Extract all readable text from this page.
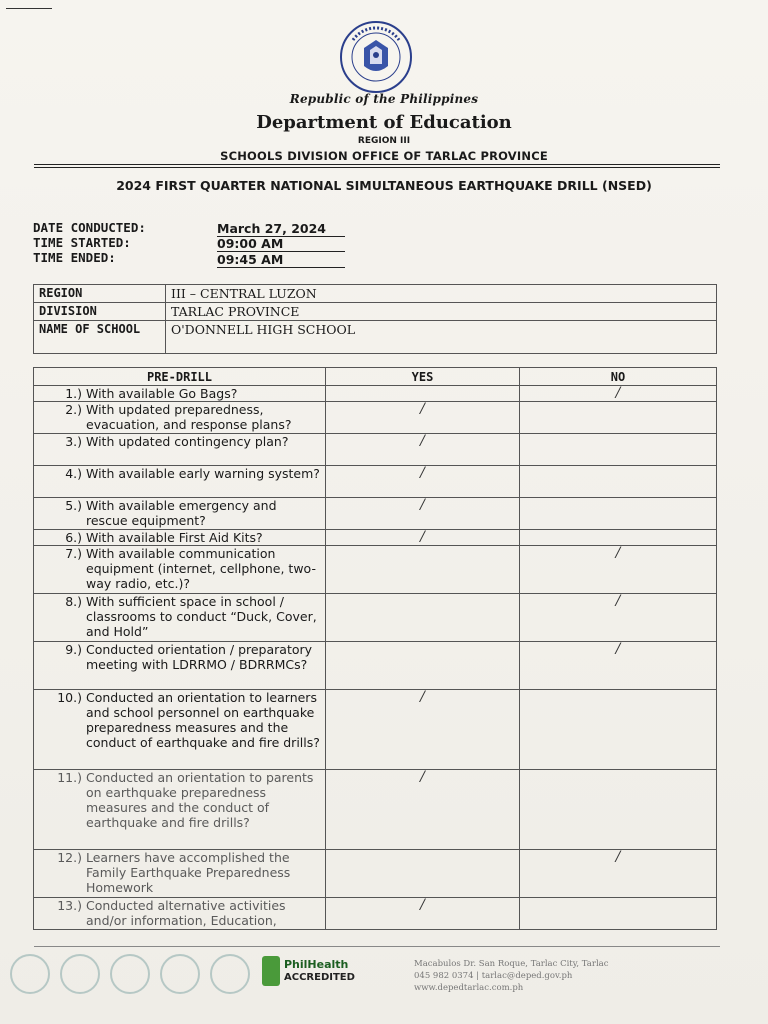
Republic of the Philippines
Department of Education
REGION III
SCHOOLS DIVISION OFFICE OF TARLAC PROVINCE
2024 FIRST QUARTER NATIONAL SIMULTANEOUS EARTHQUAKE DRILL (NSED)
DATE CONDUCTED:	March 27, 2024
TIME STARTED:	09:00 AM
TIME ENDED:	09:45 AM
REGION	III – CENTRAL LUZON
DIVISION	TARLAC PROVINCE
NAME OF SCHOOL	O'DONNELL HIGH SCHOOL
PRE-DRILL	YES	NO

1.) With available Go Bags?		/

2.) With updated preparedness, evacuation, and response plans?	/	

3.) With updated contingency plan?	/	

4.) With available early warning system?	/	

5.) With available emergency and rescue equipment?	/	

6.) With available First Aid Kits?	/	

7.) With available communication equipment (internet, cellphone, two-way radio, etc.)?		/

8.) With sufficient space in school / classrooms to conduct “Duck, Cover, and Hold”		/

9.) Conducted orientation / preparatory meeting with LDRRMO / BDRRMCs?		/

10.) Conducted an orientation to learners and school personnel on earthquake preparedness measures and the conduct of earthquake and fire drills?	/	

11.) Conducted an orientation to parents on earthquake preparedness measures and the conduct of earthquake and fire drills?	/	

12.) Learners have accomplished the Family Earthquake Preparedness Homework		/

13.) Conducted alternative activities and/or information, Education,	/	
PhilHealth
ACCREDITED
Macabulos Dr. San Roque, Tarlac City, Tarlac
045 982 0374 | tarlac@deped.gov.ph
www.depedtarlac.com.ph
